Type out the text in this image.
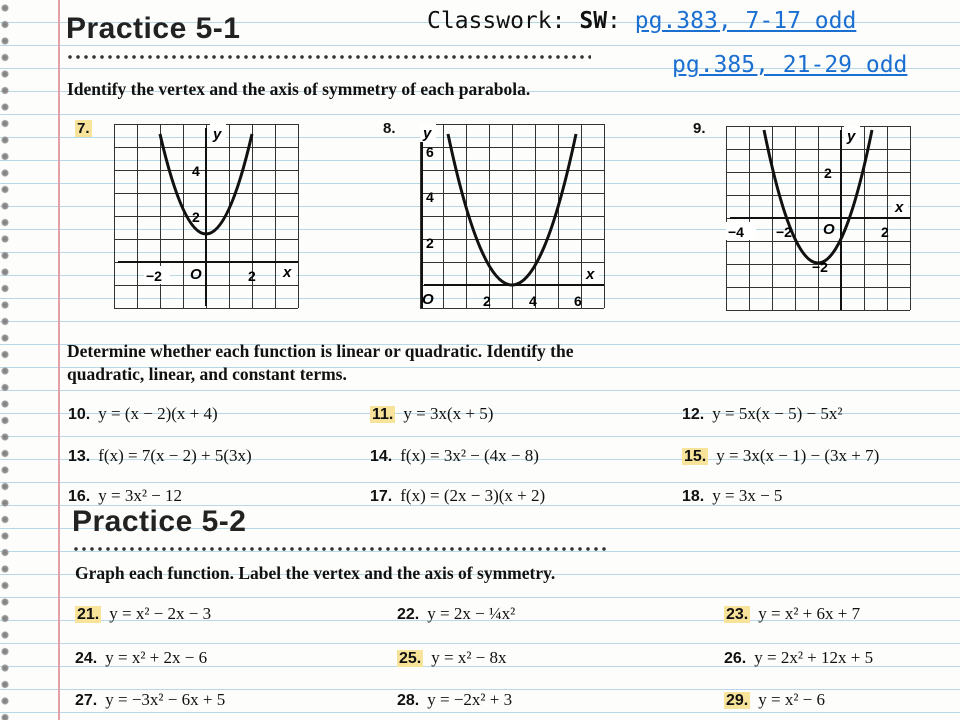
Practice 5-1	Classwork: SW: pg.383, 7-17 odd
pg.385, 21-29 odd
Identify the vertex and the axis of symmetry of each parabola.
7.	8.	9.
y
4
2
−2 O	2 x
y
6
4
2
O	2	4	6
x
y
2
−4 −2 O	2
−2
x
Determine whether each function is linear or quadratic. Identify the
quadratic, linear, and constant terms.
10. y = (x − 2)(x + 4)	11. y = 3x(x + 5)	12. y = 5x(x − 5) − 5x²
13. f(x) = 7(x − 2) + 5(3x)	14. f(x) = 3x² − (4x − 8)	15. y = 3x(x − 1) − (3x + 7)
16. y = 3x² − 12	17. f(x) = (2x − 3)(x + 2)	18. y = 3x − 5
Practice 5-2
Graph each function. Label the vertex and the axis of symmetry.
21. y = x² − 2x − 3	22. y = 2x − ¼x²	23. y = x² + 6x + 7
24. y = x² + 2x − 6	25. y = x² − 8x	26. y = 2x² + 12x + 5
27. y = −3x² − 6x + 5	28. y = −2x² + 3	29. y = x² − 6
